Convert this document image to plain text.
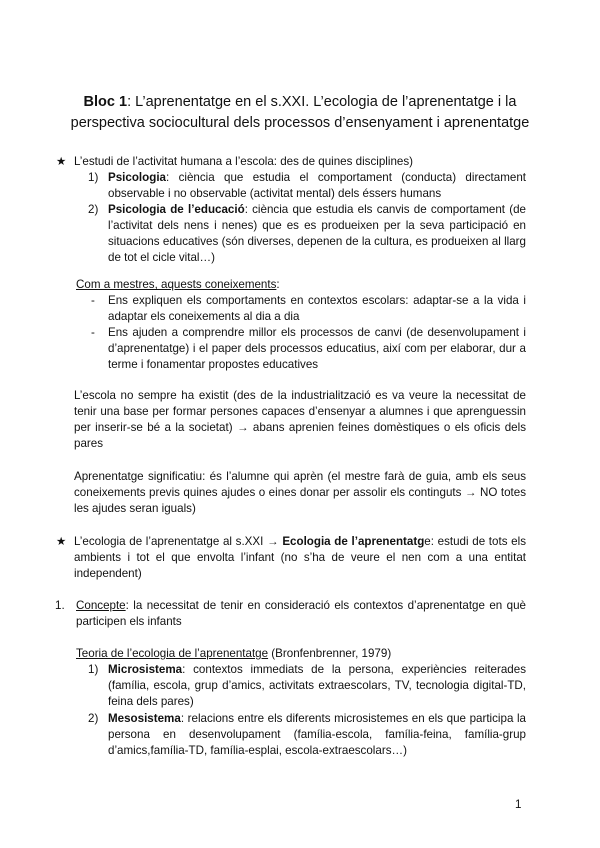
Bloc 1: L’aprenentatge en el s.XXI. L’ecologia de l’aprenentatge i la perspectiva sociocultural dels processos d’ensenyament i aprenentatge
★ L’estudi de l’activitat humana a l’escola: des de quines disciplines)
1) Psicologia: ciència que estudia el comportament (conducta) directament observable i no observable (activitat mental) dels éssers humans
2) Psicologia de l’educació: ciència que estudia els canvis de comportament (de l’activitat dels nens i nenes) que es es produeixen per la seva participació en situacions educatives (són diverses, depenen de la cultura, es produeixen al llarg de tot el cicle vital…)
Com a mestres, aquests coneixements:
- Ens expliquen els comportaments en contextos escolars: adaptar-se a la vida i adaptar els coneixements al dia a dia
- Ens ajuden a comprendre millor els processos de canvi (de desenvolupament i d’aprenentatge) i el paper dels processos educatius, així com per elaborar, dur a terme i fonamentar propostes educatives
L’escola no sempre ha existit (des de la industrialització es va veure la necessitat de tenir una base per formar persones capaces d’ensenyar a alumnes i que aprenguessin per inserir-se bé a la societat) → abans aprenien feines domèstiques o els oficis dels pares
Aprenentatge significatiu: és l’alumne qui aprèn (el mestre farà de guia, amb els seus coneixements previs quines ajudes o eines donar per assolir els continguts → NO totes les ajudes seran iguals)
★ L’ecologia de l’aprenentatge al s.XXI → Ecologia de l’aprenentatge: estudi de tots els ambients i tot el que envolta l’infant (no s’ha de veure el nen com a una entitat independent)
1. Concepte: la necessitat de tenir en consideració els contextos d’aprenentatge en què participen els infants
Teoria de l’ecologia de l’aprenentatge (Bronfenbrenner, 1979)
1) Microsistema: contextos immediats de la persona, experiències reiterades (família, escola, grup d’amics, activitats extraescolars, TV, tecnologia digital-TD, feina dels pares)
2) Mesosistema: relacions entre els diferents microsistemes en els que participa la persona en desenvolupament (família-escola, família-feina, família-grup d’amics,família-TD, família-esplai, escola-extraescolars…)
1
